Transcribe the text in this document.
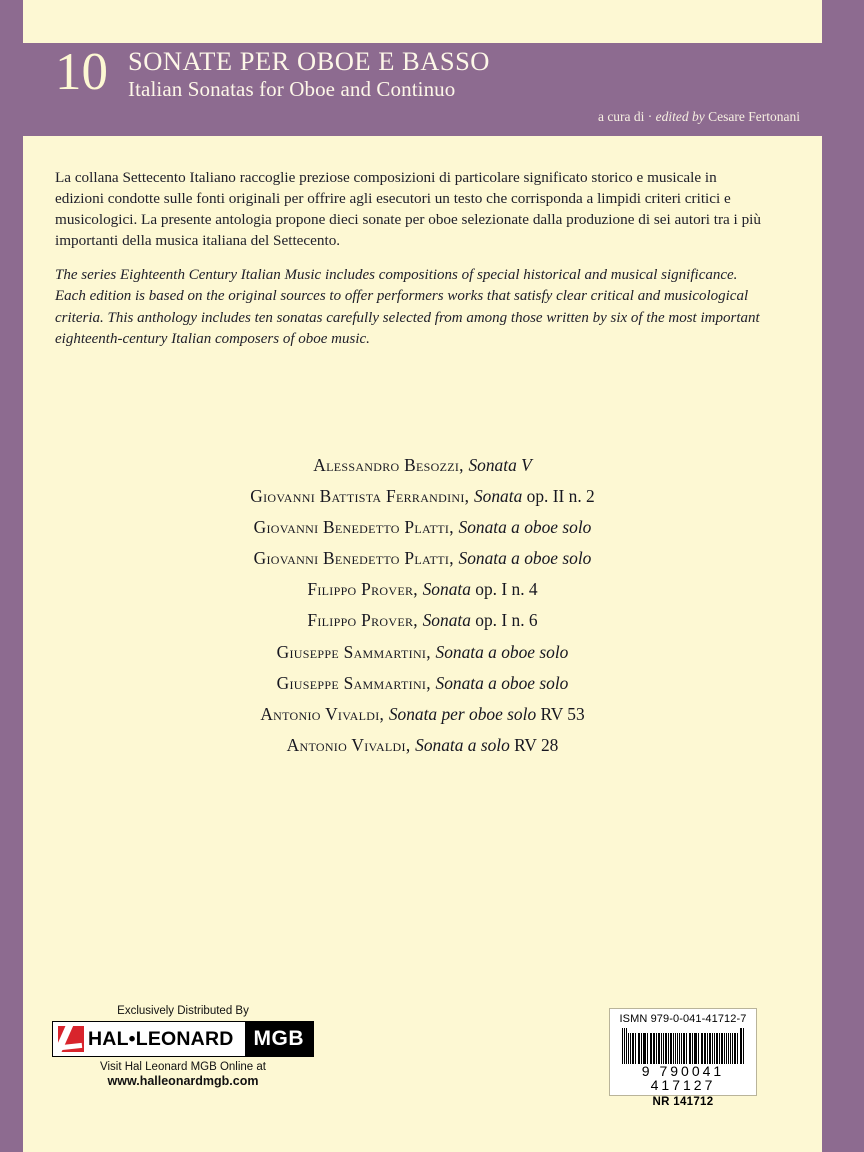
10 SONATE PER OBOE E BASSO
Italian Sonatas for Oboe and Continuo
a cura di · edited by Cesare Fertonani
La collana Settecento Italiano raccoglie preziose composizioni di particolare significato storico e musicale in edizioni condotte sulle fonti originali per offrire agli esecutori un testo che corrisponda a limpidi criteri critici e musicologici. La presente antologia propone dieci sonate per oboe selezionate dalla produzione di sei autori tra i più importanti della musica italiana del Settecento.
The series Eighteenth Century Italian Music includes compositions of special historical and musical significance. Each edition is based on the original sources to offer performers works that satisfy clear critical and musicological criteria. This anthology includes ten sonatas carefully selected from among those written by six of the most important eighteenth-century Italian composers of oboe music.
Alessandro Besozzi, Sonata V
Giovanni Battista Ferrandini, Sonata op. II n. 2
Giovanni Benedetto Platti, Sonata a oboe solo
Giovanni Benedetto Platti, Sonata a oboe solo
Filippo Prover, Sonata op. I n. 4
Filippo Prover, Sonata op. I n. 6
Giuseppe Sammartini, Sonata a oboe solo
Giuseppe Sammartini, Sonata a oboe solo
Antonio Vivaldi, Sonata per oboe solo RV 53
Antonio Vivaldi, Sonata a solo RV 28
Exclusively Distributed By
HAL•LEONARD MGB
Visit Hal Leonard MGB Online at
www.halleonardmgb.com
ISMN 979-0-041-41712-7
9 790041 417127
NR 141712
